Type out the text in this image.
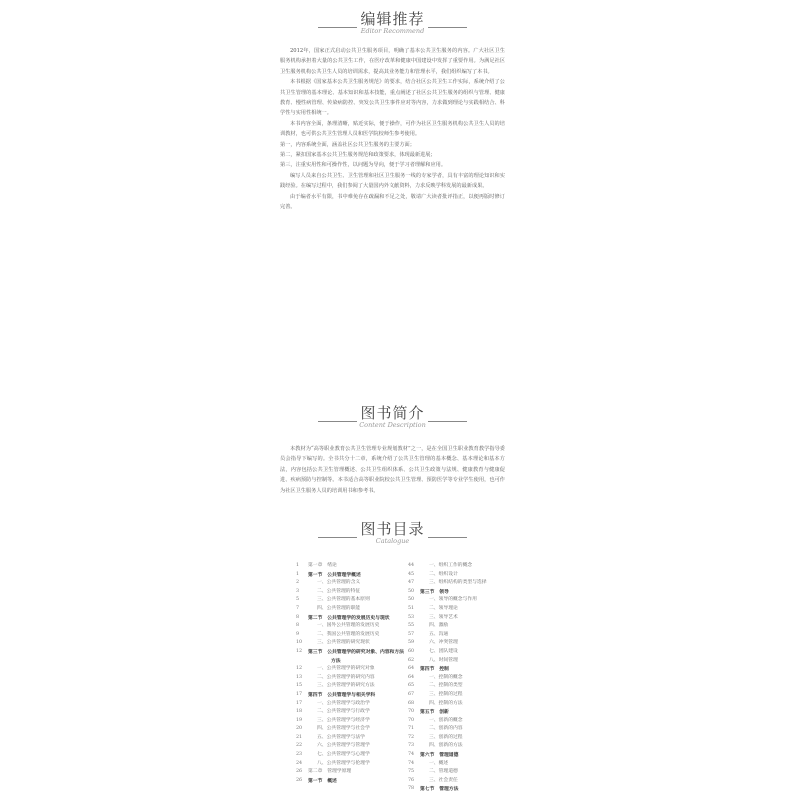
编辑推荐
Editor Recommend

2012年，国家正式启动公共卫生服务项目，明确了基本公共卫生服务的内容。广大社区卫生服务机构承担着大量的公共卫生工作，在医疗改革和健康中国建设中发挥了重要作用。为满足社区卫生服务机构公共卫生人员的培训需求，提高其业务能力和管理水平，我们组织编写了本书。

本书根据《国家基本公共卫生服务规范》的要求，结合社区公共卫生工作实际，系统介绍了公共卫生管理的基本理论、基本知识和基本技能，重点阐述了社区公共卫生服务的组织与管理、健康教育、慢性病管理、传染病防控、突发公共卫生事件应对等内容，力求做到理论与实践相结合、科学性与实用性相统一。

本书内容全面，条理清晰，贴近实际，便于操作，可作为社区卫生服务机构公共卫生人员的培训教材，也可供公共卫生管理人员和医学院校师生参考使用。

第一，内容系统全面，涵盖社区公共卫生服务的主要方面；

第二，紧扣国家基本公共卫生服务规范和政策要求，体现最新进展；

第三，注重实用性和可操作性，以问题为导向，便于学习者理解和应用。

编写人员来自公共卫生、卫生管理和社区卫生服务一线的专家学者，具有丰富的理论知识和实践经验。在编写过程中，我们参阅了大量国内外文献资料，力求反映学科发展的最新成果。

由于编者水平有限，书中难免存在疏漏和不足之处，敬请广大读者批评指正，以便再版时修订完善。

图书简介
Content Description

本教材为“高等职业教育公共卫生管理专业规划教材”之一，是在全国卫生职业教育教学指导委员会指导下编写的。全书共分十二章，系统介绍了公共卫生管理的基本概念、基本理论和基本方法，内容包括公共卫生管理概述、公共卫生组织体系、公共卫生政策与法规、健康教育与健康促进、疾病预防与控制等。本书适合高等职业院校公共卫生管理、预防医学等专业学生使用，也可作为社区卫生服务人员的培训用书和参考书。

图书目录
Catalogue
1	第一章　绪论
1	第一节　公共管理学概述
2	一、公共管理的含义
3	二、公共管理的特征
5	三、公共管理的基本原则
7	四、公共管理的职能
8	第二节　公共管理学的发展历史与现状
8	一、国外公共管理的发展历史
9	二、我国公共管理的发展历史
10	三、公共管理的研究现状
12	第三节　公共管理学的研究对象、内容和方法
方法
12	一、公共管理学的研究对象
13	二、公共管理学的研究内容
15	三、公共管理学的研究方法
17	第四节　公共管理学与相关学科
17	一、公共管理学与政治学
18	二、公共管理学与行政学
19	三、公共管理学与经济学
20	四、公共管理学与社会学
21	五、公共管理学与法学
22	六、公共管理学与管理学
23	七、公共管理学与心理学
24	八、公共管理学与伦理学
26	第二章　管理学原理
26	第一节　概述
44	一、组织工作的概念
45	二、组织设计
47	三、组织结构的类型与选择
50	第三节　领导
50	一、领导的概念与作用
51	二、领导理论
53	三、领导艺术
55	四、激励
57	五、沟通
59	六、冲突管理
60	七、团队建设
62	八、时间管理
64	第四节　控制
64	一、控制的概念
65	二、控制的类型
67	三、控制的过程
68	四、控制的方法
70	第五节　创新
70	一、创新的概念
71	二、创新的内容
72	三、创新的过程
73	四、创新的方法
74	第六节　管理道德
74	一、概述
75	二、管理道德
76	三、社会责任
78	第七节　管理方法
